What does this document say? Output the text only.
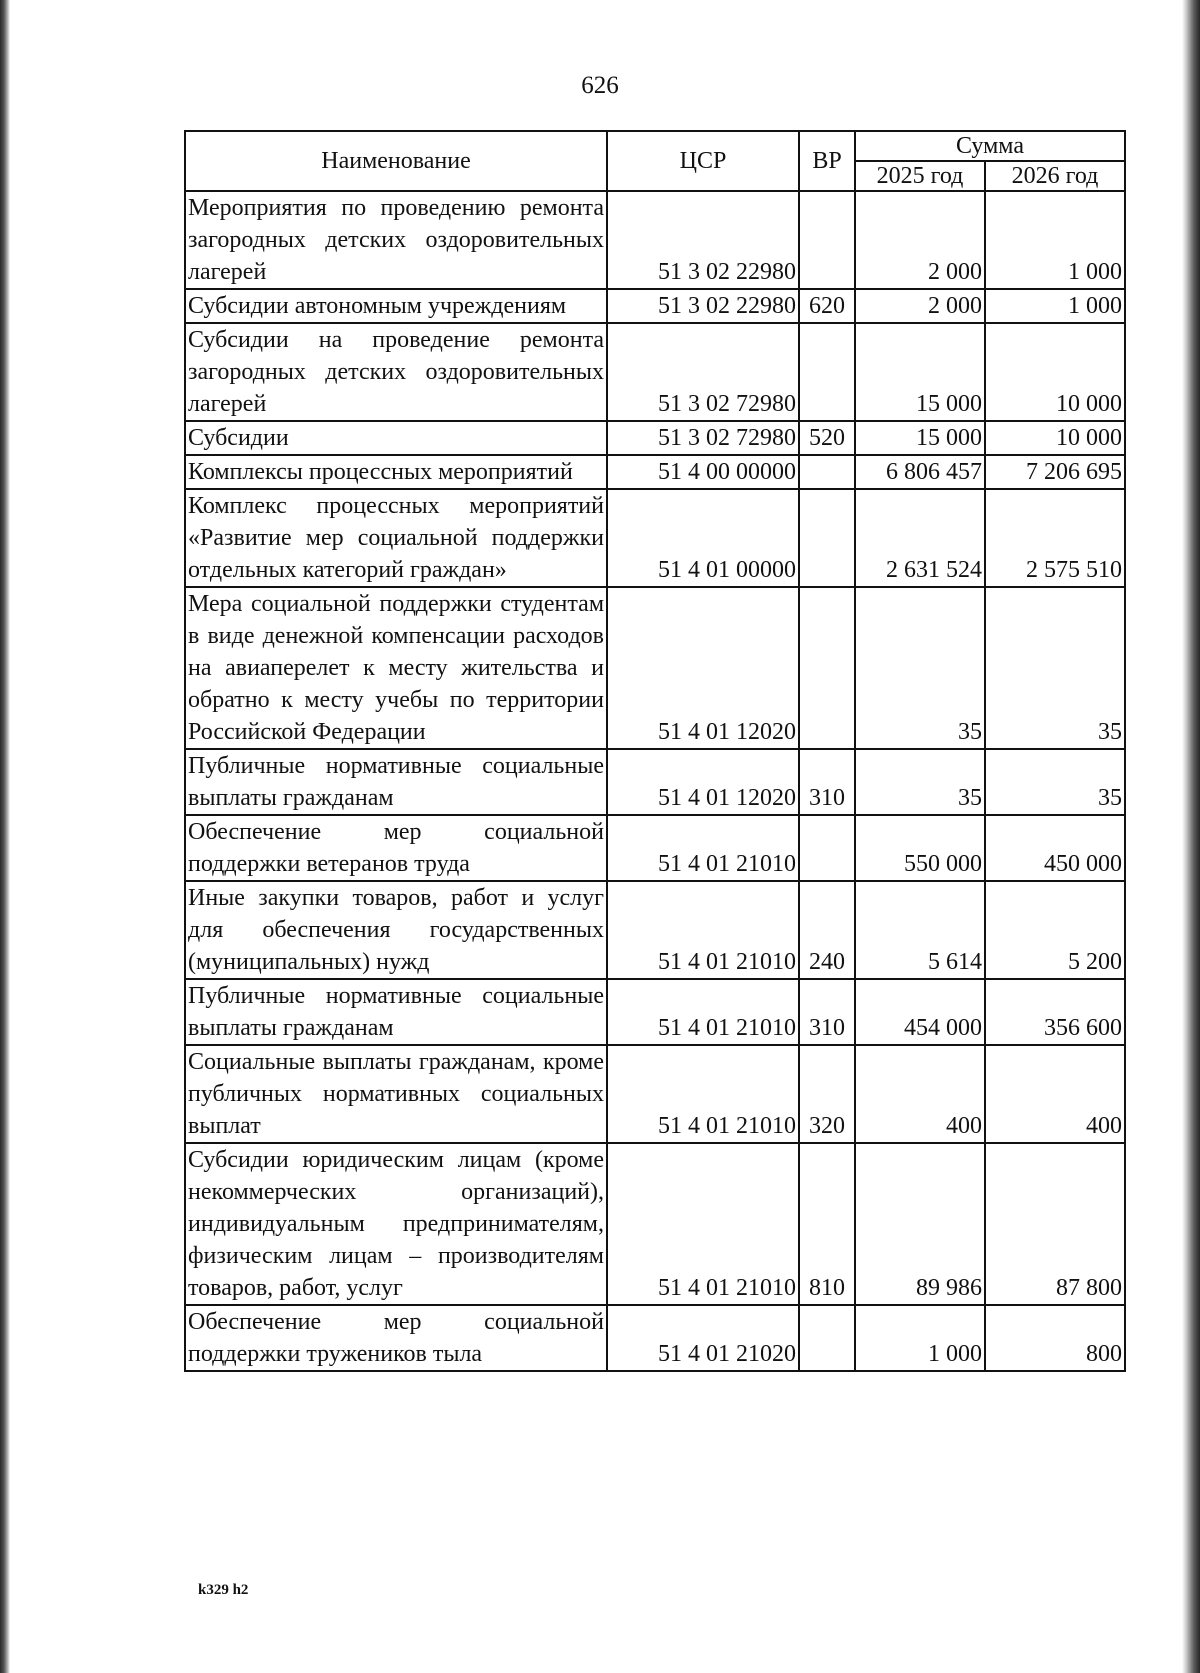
626
Наименование	ЦСР	ВР	Сумма	
			2025 год	2026 год
Мероприятия по проведению ремонта загородных детских оздоровительных лагерей	51 3 02 22980		2 000	1 000
Субсидии автономным учреждениям	51 3 02 22980	620	2 000	1 000
Субсидии на проведение ремонта загородных детских оздоровительных лагерей	51 3 02 72980		15 000	10 000
Субсидии	51 3 02 72980	520	15 000	10 000
Комплексы процессных мероприятий	51 4 00 00000		6 806 457	7 206 695
Комплекс процессных мероприятий «Развитие мер социальной поддержки отдельных категорий граждан»	51 4 01 00000		2 631 524	2 575 510
Мера социальной поддержки студентам в виде денежной компенсации расходов на авиаперелет к месту жительства и обратно к месту учебы по территории Российской Федерации	51 4 01 12020		35	35
Публичные нормативные социальные выплаты гражданам	51 4 01 12020	310	35	35
Обеспечение мер социальной поддержки ветеранов труда	51 4 01 21010		550 000	450 000
Иные закупки товаров, работ и услуг для обеспечения государственных (муниципальных) нужд	51 4 01 21010	240	5 614	5 200
Публичные нормативные социальные выплаты гражданам	51 4 01 21010	310	454 000	356 600
Социальные выплаты гражданам, кроме публичных нормативных социальных выплат	51 4 01 21010	320	400	400
Субсидии юридическим лицам (кроме некоммерческих организаций), индивидуальным предпринимателям, физическим лицам – производителям товаров, работ, услуг	51 4 01 21010	810	89 986	87 800
Обеспечение мер социальной поддержки тружеников тыла	51 4 01 21020		1 000	800
k329 h2
